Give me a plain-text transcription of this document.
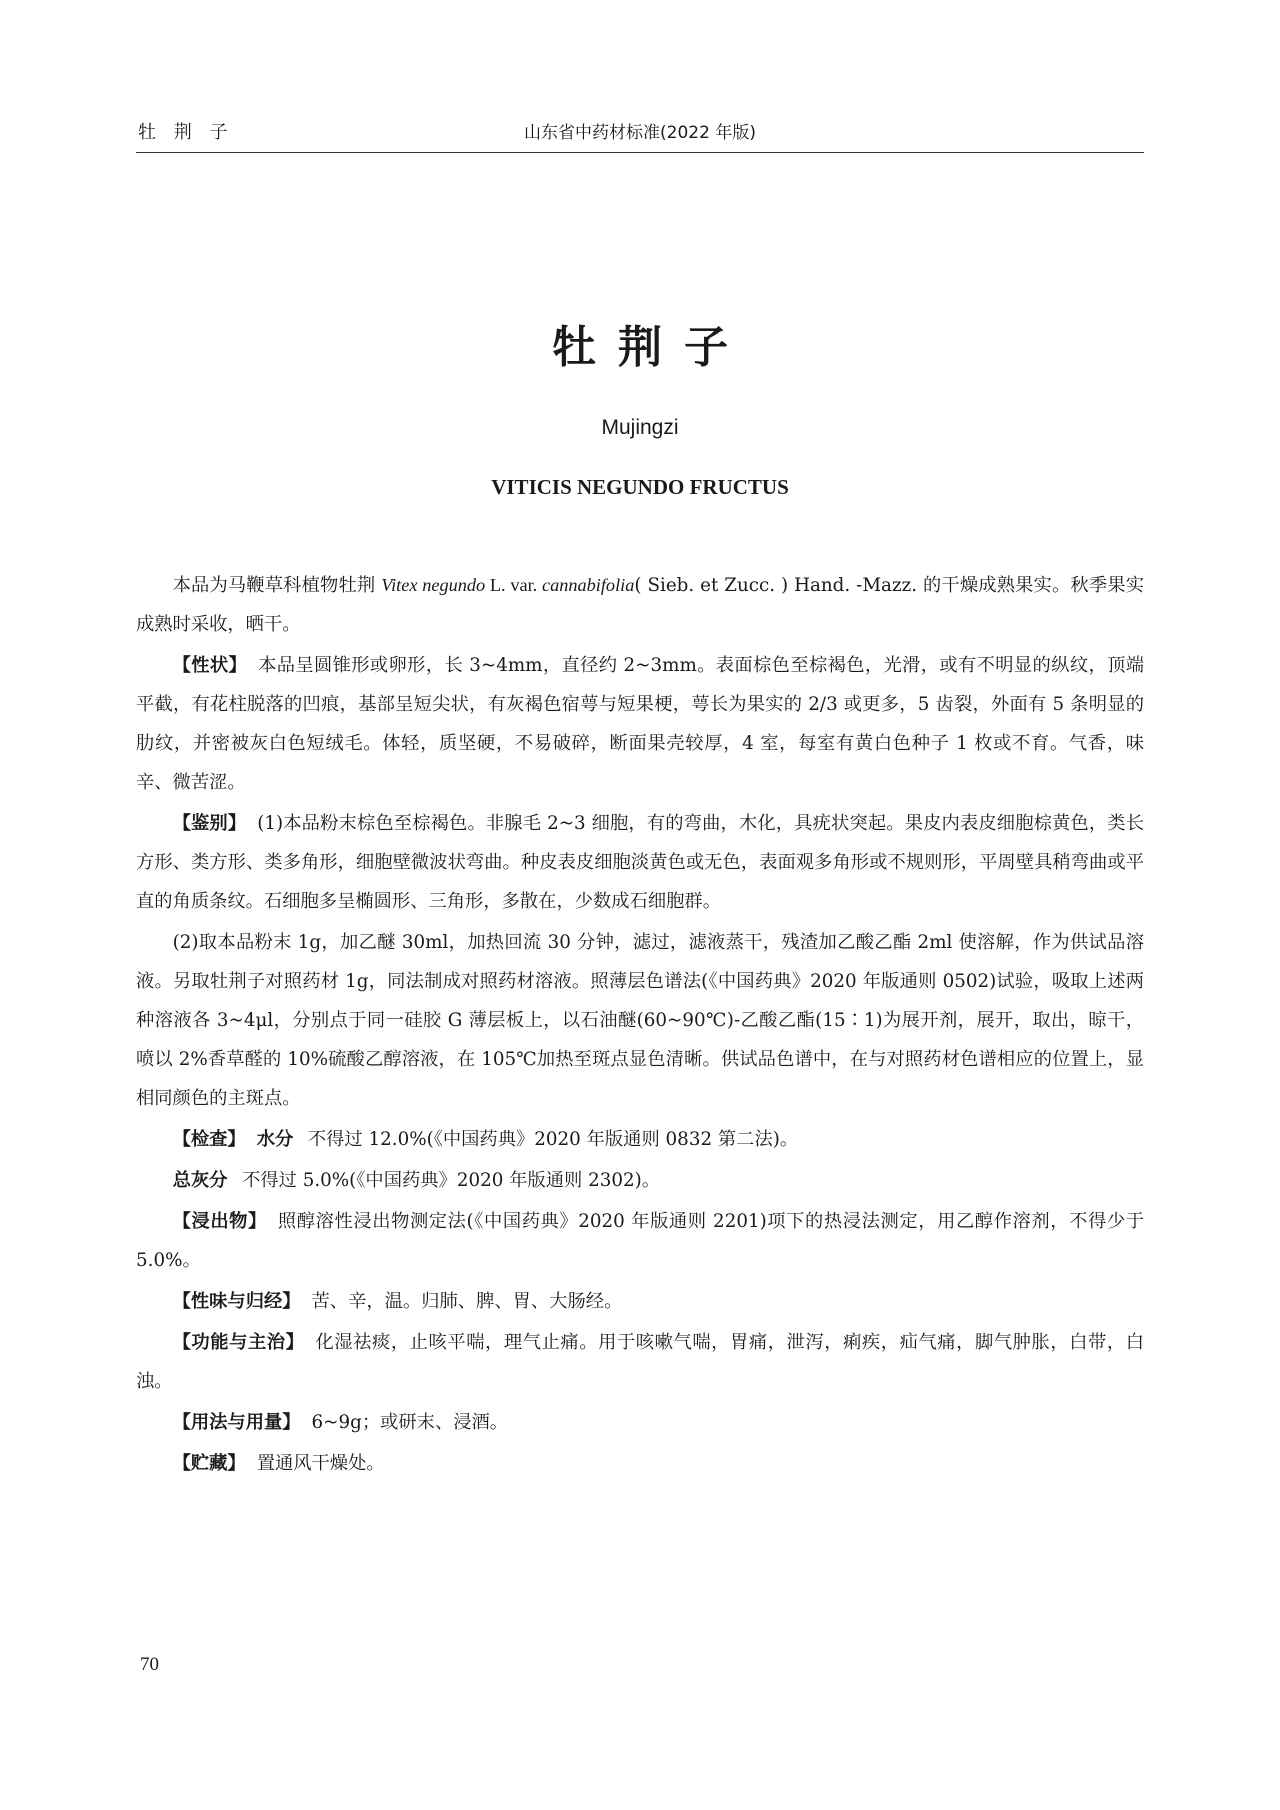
牡 荆 子	山东省中药材标准(2022 年版)
牡荆子
Mujingzi
VITICIS NEGUNDO FRUCTUS

本品为马鞭草科植物牡荆 Vitex negundo L. var. cannabifolia( Sieb. et Zucc. ) Hand. -Mazz. 的干燥成熟果实。秋季果实成熟时采收，晒干。

【性状】 本品呈圆锥形或卵形，长 3~4mm，直径约 2~3mm。表面棕色至棕褐色，光滑，或有不明显的纵纹，顶端平截，有花柱脱落的凹痕，基部呈短尖状，有灰褐色宿萼与短果梗，萼长为果实的 2/3 或更多，5 齿裂，外面有 5 条明显的肋纹，并密被灰白色短绒毛。体轻，质坚硬，不易破碎，断面果壳较厚，4 室，每室有黄白色种子 1 枚或不育。气香，味辛、微苦涩。

【鉴别】 (1)本品粉末棕色至棕褐色。非腺毛 2~3 细胞，有的弯曲，木化，具疣状突起。果皮内表皮细胞棕黄色，类长方形、类方形、类多角形，细胞壁微波状弯曲。种皮表皮细胞淡黄色或无色，表面观多角形或不规则形，平周壁具稍弯曲或平直的角质条纹。石细胞多呈椭圆形、三角形，多散在，少数成石细胞群。

(2)取本品粉末 1g，加乙醚 30ml，加热回流 30 分钟，滤过，滤液蒸干，残渣加乙酸乙酯 2ml 使溶解，作为供试品溶液。另取牡荆子对照药材 1g，同法制成对照药材溶液。照薄层色谱法(《中国药典》2020 年版通则 0502)试验，吸取上述两种溶液各 3~4μl，分别点于同一硅胶 G 薄层板上，以石油醚(60~90℃)-乙酸乙酯(15∶1)为展开剂，展开，取出，晾干，喷以 2%香草醛的 10%硫酸乙醇溶液，在 105℃加热至斑点显色清晰。供试品色谱中，在与对照药材色谱相应的位置上，显相同颜色的主斑点。

【检查】 水分 不得过 12.0%(《中国药典》2020 年版通则 0832 第二法)。

总灰分 不得过 5.0%(《中国药典》2020 年版通则 2302)。

【浸出物】 照醇溶性浸出物测定法(《中国药典》2020 年版通则 2201)项下的热浸法测定，用乙醇作溶剂，不得少于 5.0%。

【性味与归经】 苦、辛，温。归肺、脾、胃、大肠经。

【功能与主治】 化湿祛痰，止咳平喘，理气止痛。用于咳嗽气喘，胃痛，泄泻，痢疾，疝气痛，脚气肿胀，白带，白浊。

【用法与用量】 6~9g；或研末、浸酒。

【贮藏】 置通风干燥处。

70
